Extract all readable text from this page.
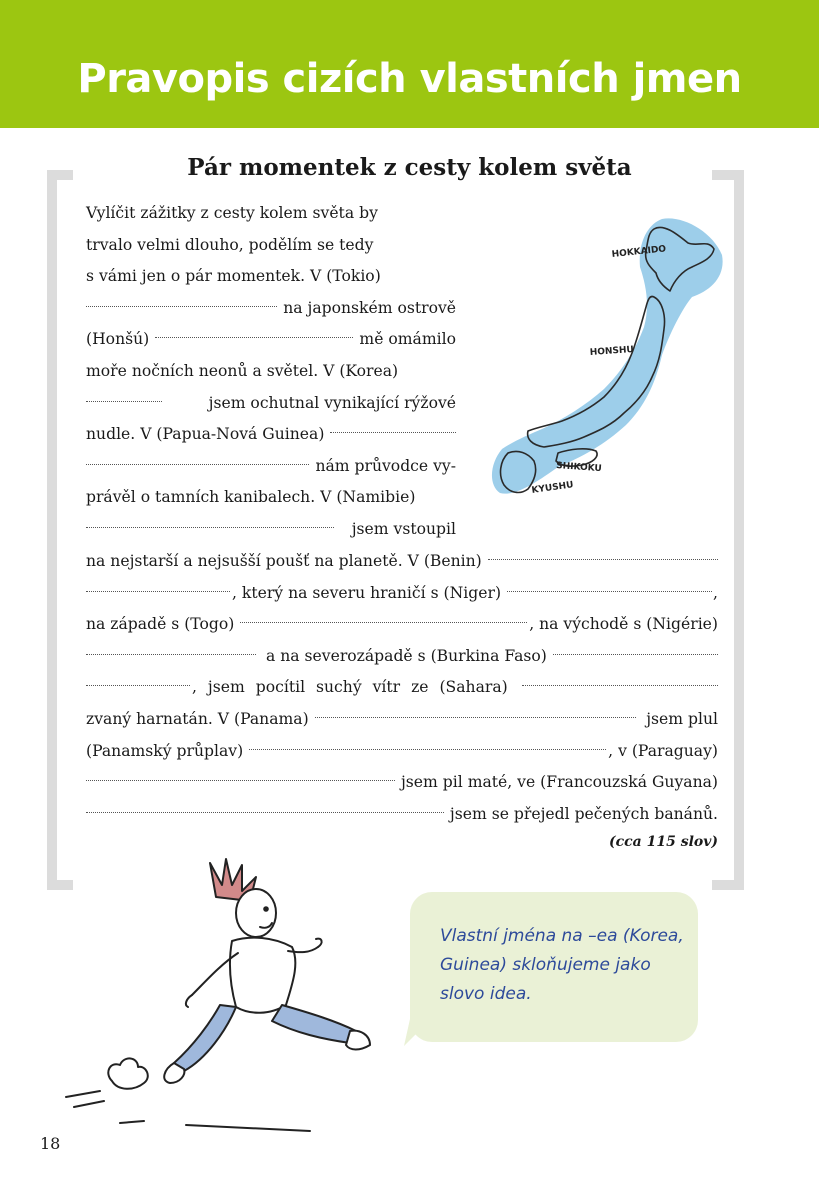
Pravopis cizích vlastních jmen
Pár momentek z cesty kolem světa
Vylíčit zážitky z cesty kolem světa by
trvalo velmi dlouho, podělím se tedy
s vámi jen o pár momentek. V (Tokio)
na japonském ostrově
(Honšú)	mě omámilo
moře nočních neonů a světel. V (Korea)
jsem ochutnal vynikající rýžové
nudle. V (Papua-Nová Guinea)
nám průvodce vy-
právěl o tamních kanibalech. V (Namibie)
jsem vstoupil
na nejstarší a nejsušší poušť na planetě. V (Benin)
, který na severu hraničí s (Niger)	,
na západě s (Togo)	, na východě s (Nigérie)
a na severozápadě s (Burkina Faso)
, jsem pocítil suchý vítr ze (Sahara)
zvaný harnatán. V (Panama)	jsem plul
(Panamský průplav)	, v (Paraguay)
jsem pil maté, ve (Francouzská Guyana)
jsem se přejedl pečených banánů.
(cca 115 slov)
HOKKAIDO
HONSHU
SHIKOKU
KYUSHU

Vlastní jména na –ea (Korea, Guinea) skloňujeme jako slovo idea.

18
